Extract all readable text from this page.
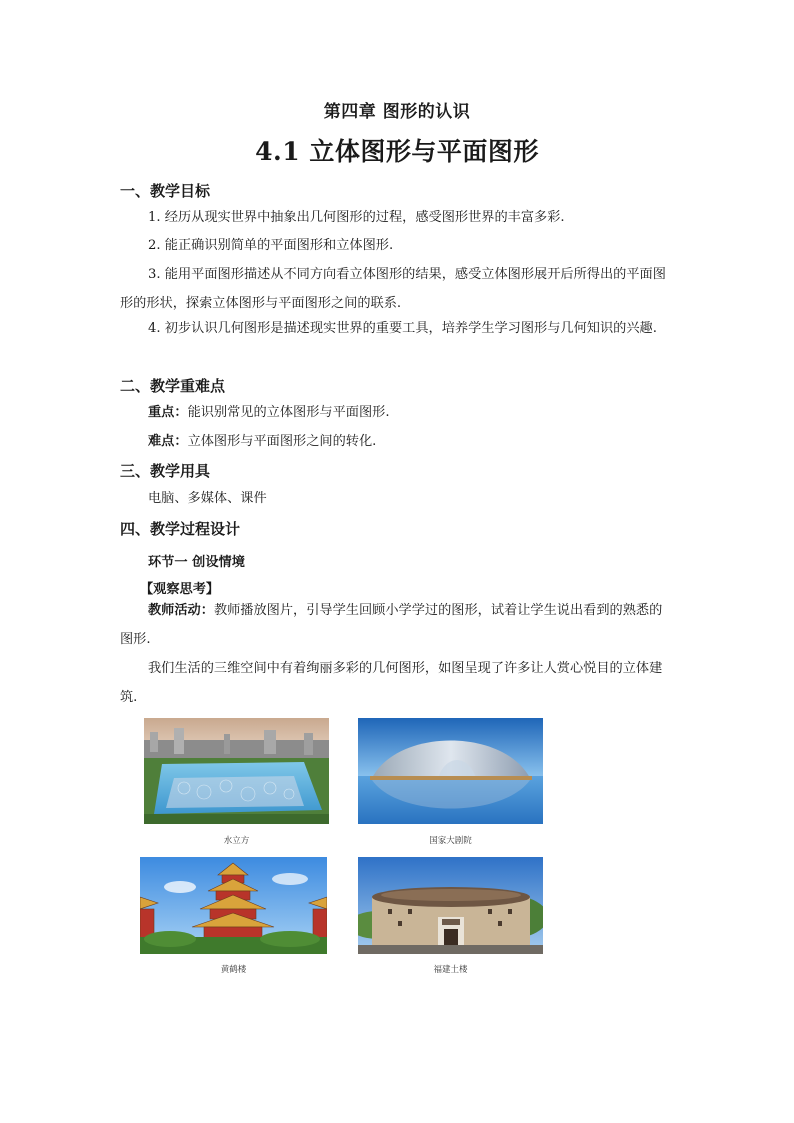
第四章 图形的认识
4.1 立体图形与平面图形
一、教学目标

1. 经历从现实世界中抽象出几何图形的过程，感受图形世界的丰富多彩.

2. 能正确识别简单的平面图形和立体图形.

3. 能用平面图形描述从不同方向看立体图形的结果，感受立体图形展开后所得出的平面图形的形状，探索立体图形与平面图形之间的联系.

4. 初步认识几何图形是描述现实世界的重要工具，培养学生学习图形与几何知识的兴趣.

二、教学重难点

重点：能识别常见的立体图形与平面图形.

难点：立体图形与平面图形之间的转化.

三、教学用具

电脑、多媒体、课件

四、教学过程设计
环节一 创设情境
【观察思考】

教师活动：教师播放图片，引导学生回顾小学学过的图形，试着让学生说出看到的熟悉的图形.

我们生活的三维空间中有着绚丽多彩的几何图形，如图呈现了许多让人赏心悦目的立体建筑.

水立方	国家大剧院
黄鹤楼	福建土楼
